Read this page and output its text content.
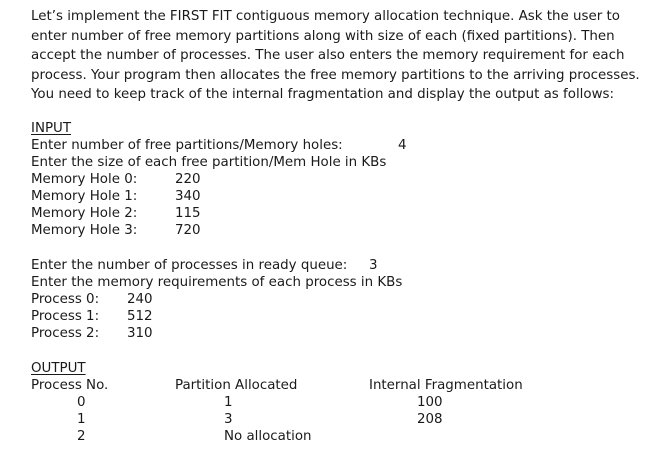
Let’s implement the FIRST FIT contiguous memory allocation technique. Ask the user to enter number of free memory partitions along with size of each (fixed partitions). Then accept the number of processes. The user also enters the memory requirement for each process. Your program then allocates the free memory partitions to the arriving processes. You need to keep track of the internal fragmentation and display the output as follows:

INPUT
Enter number of free partitions/Memory holes:	4
Enter the size of each free partition/Mem Hole in KBs
Memory Hole 0:	220
Memory Hole 1:	340
Memory Hole 2:	115
Memory Hole 3:	720
Enter the number of processes in ready queue: 3
Enter the memory requirements of each process in KBs
Process 0: 240
Process 1: 512
Process 2: 310
OUTPUT
Process No.	Partition Allocated	Internal Fragmentation
0	1	100
1	3	208
2	No allocation
